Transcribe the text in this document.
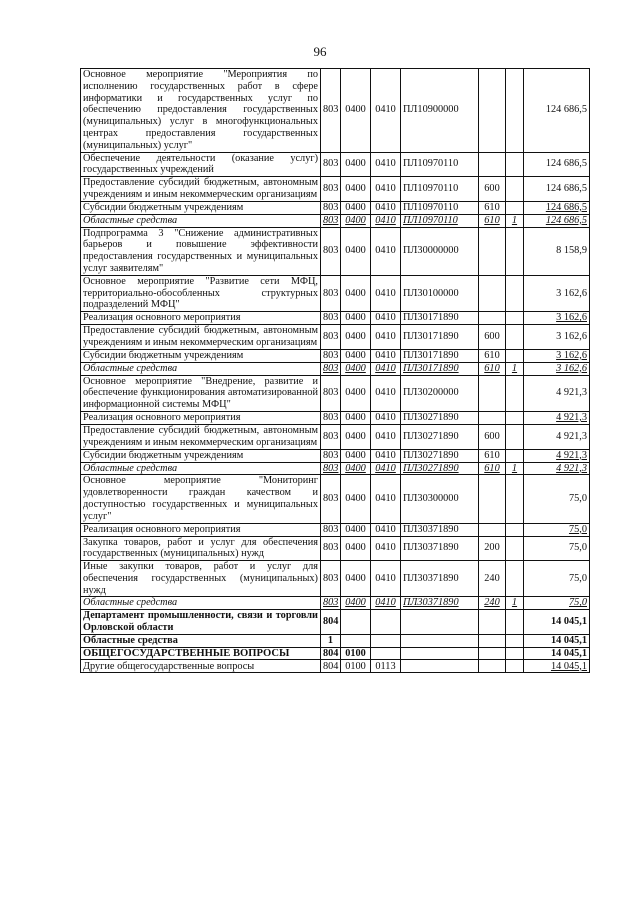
96
Основное мероприятие "Мероприятия по исполнению государственных работ в сфере информатики и государственных услуг по обеспечению предоставления государственных (муниципальных) услуг в многофункциональных центрах предоставления государственных (муниципальных) услуг"	803	0400	0410	ПЛ10900000			124 686,5
Обеспечение деятельности (оказание услуг) государственных учреждений	803	0400	0410	ПЛ10970110			124 686,5
Предоставление субсидий бюджетным, автономным учреждениям и иным некоммерческим организациям	803	0400	0410	ПЛ10970110	600		124 686,5
Субсидии бюджетным учреждениям	803	0400	0410	ПЛ10970110	610		124 686,5
Областные средства	803	0400	0410	ПЛ10970110	610	1	124 686,5
Подпрограмма 3 "Снижение административных барьеров и повышение эффективности предоставления государственных и муниципальных услуг заявителям"	803	0400	0410	ПЛ30000000			8 158,9
Основное мероприятие "Развитие сети МФЦ, территориально-обособленных структурных подразделений МФЦ"	803	0400	0410	ПЛ30100000			3 162,6
Реализация основного мероприятия	803	0400	0410	ПЛ30171890			3 162,6
Предоставление субсидий бюджетным, автономным учреждениям и иным некоммерческим организациям	803	0400	0410	ПЛ30171890	600		3 162,6
Субсидии бюджетным учреждениям	803	0400	0410	ПЛ30171890	610		3 162,6
Областные средства	803	0400	0410	ПЛ30171890	610	1	3 162,6
Основное мероприятие "Внедрение, развитие и обеспечение функционирования автоматизированной информационной системы МФЦ"	803	0400	0410	ПЛ30200000			4 921,3
Реализация основного мероприятия	803	0400	0410	ПЛ30271890			4 921,3
Предоставление субсидий бюджетным, автономным учреждениям и иным некоммерческим организациям	803	0400	0410	ПЛ30271890	600		4 921,3
Субсидии бюджетным учреждениям	803	0400	0410	ПЛ30271890	610		4 921,3
Областные средства	803	0400	0410	ПЛ30271890	610	1	4 921,3
Основное мероприятие "Мониторинг удовлетворенности граждан качеством и доступностью государственных и муниципальных услуг"	803	0400	0410	ПЛ30300000			75,0
Реализация основного мероприятия	803	0400	0410	ПЛ30371890			75,0
Закупка товаров, работ и услуг для обеспечения государственных (муниципальных) нужд	803	0400	0410	ПЛ30371890	200		75,0
Иные закупки товаров, работ и услуг для обеспечения государственных (муниципальных) нужд	803	0400	0410	ПЛ30371890	240		75,0
Областные средства	803	0400	0410	ПЛ30371890	240	1	75,0
Департамент промышленности, связи и торговли Орловской области	804						14 045,1
Областные средства	1						14 045,1
ОБЩЕГОСУДАРСТВЕННЫЕ ВОПРОСЫ	804	0100					14 045,1
Другие общегосударственные вопросы	804	0100	0113				14 045,1
